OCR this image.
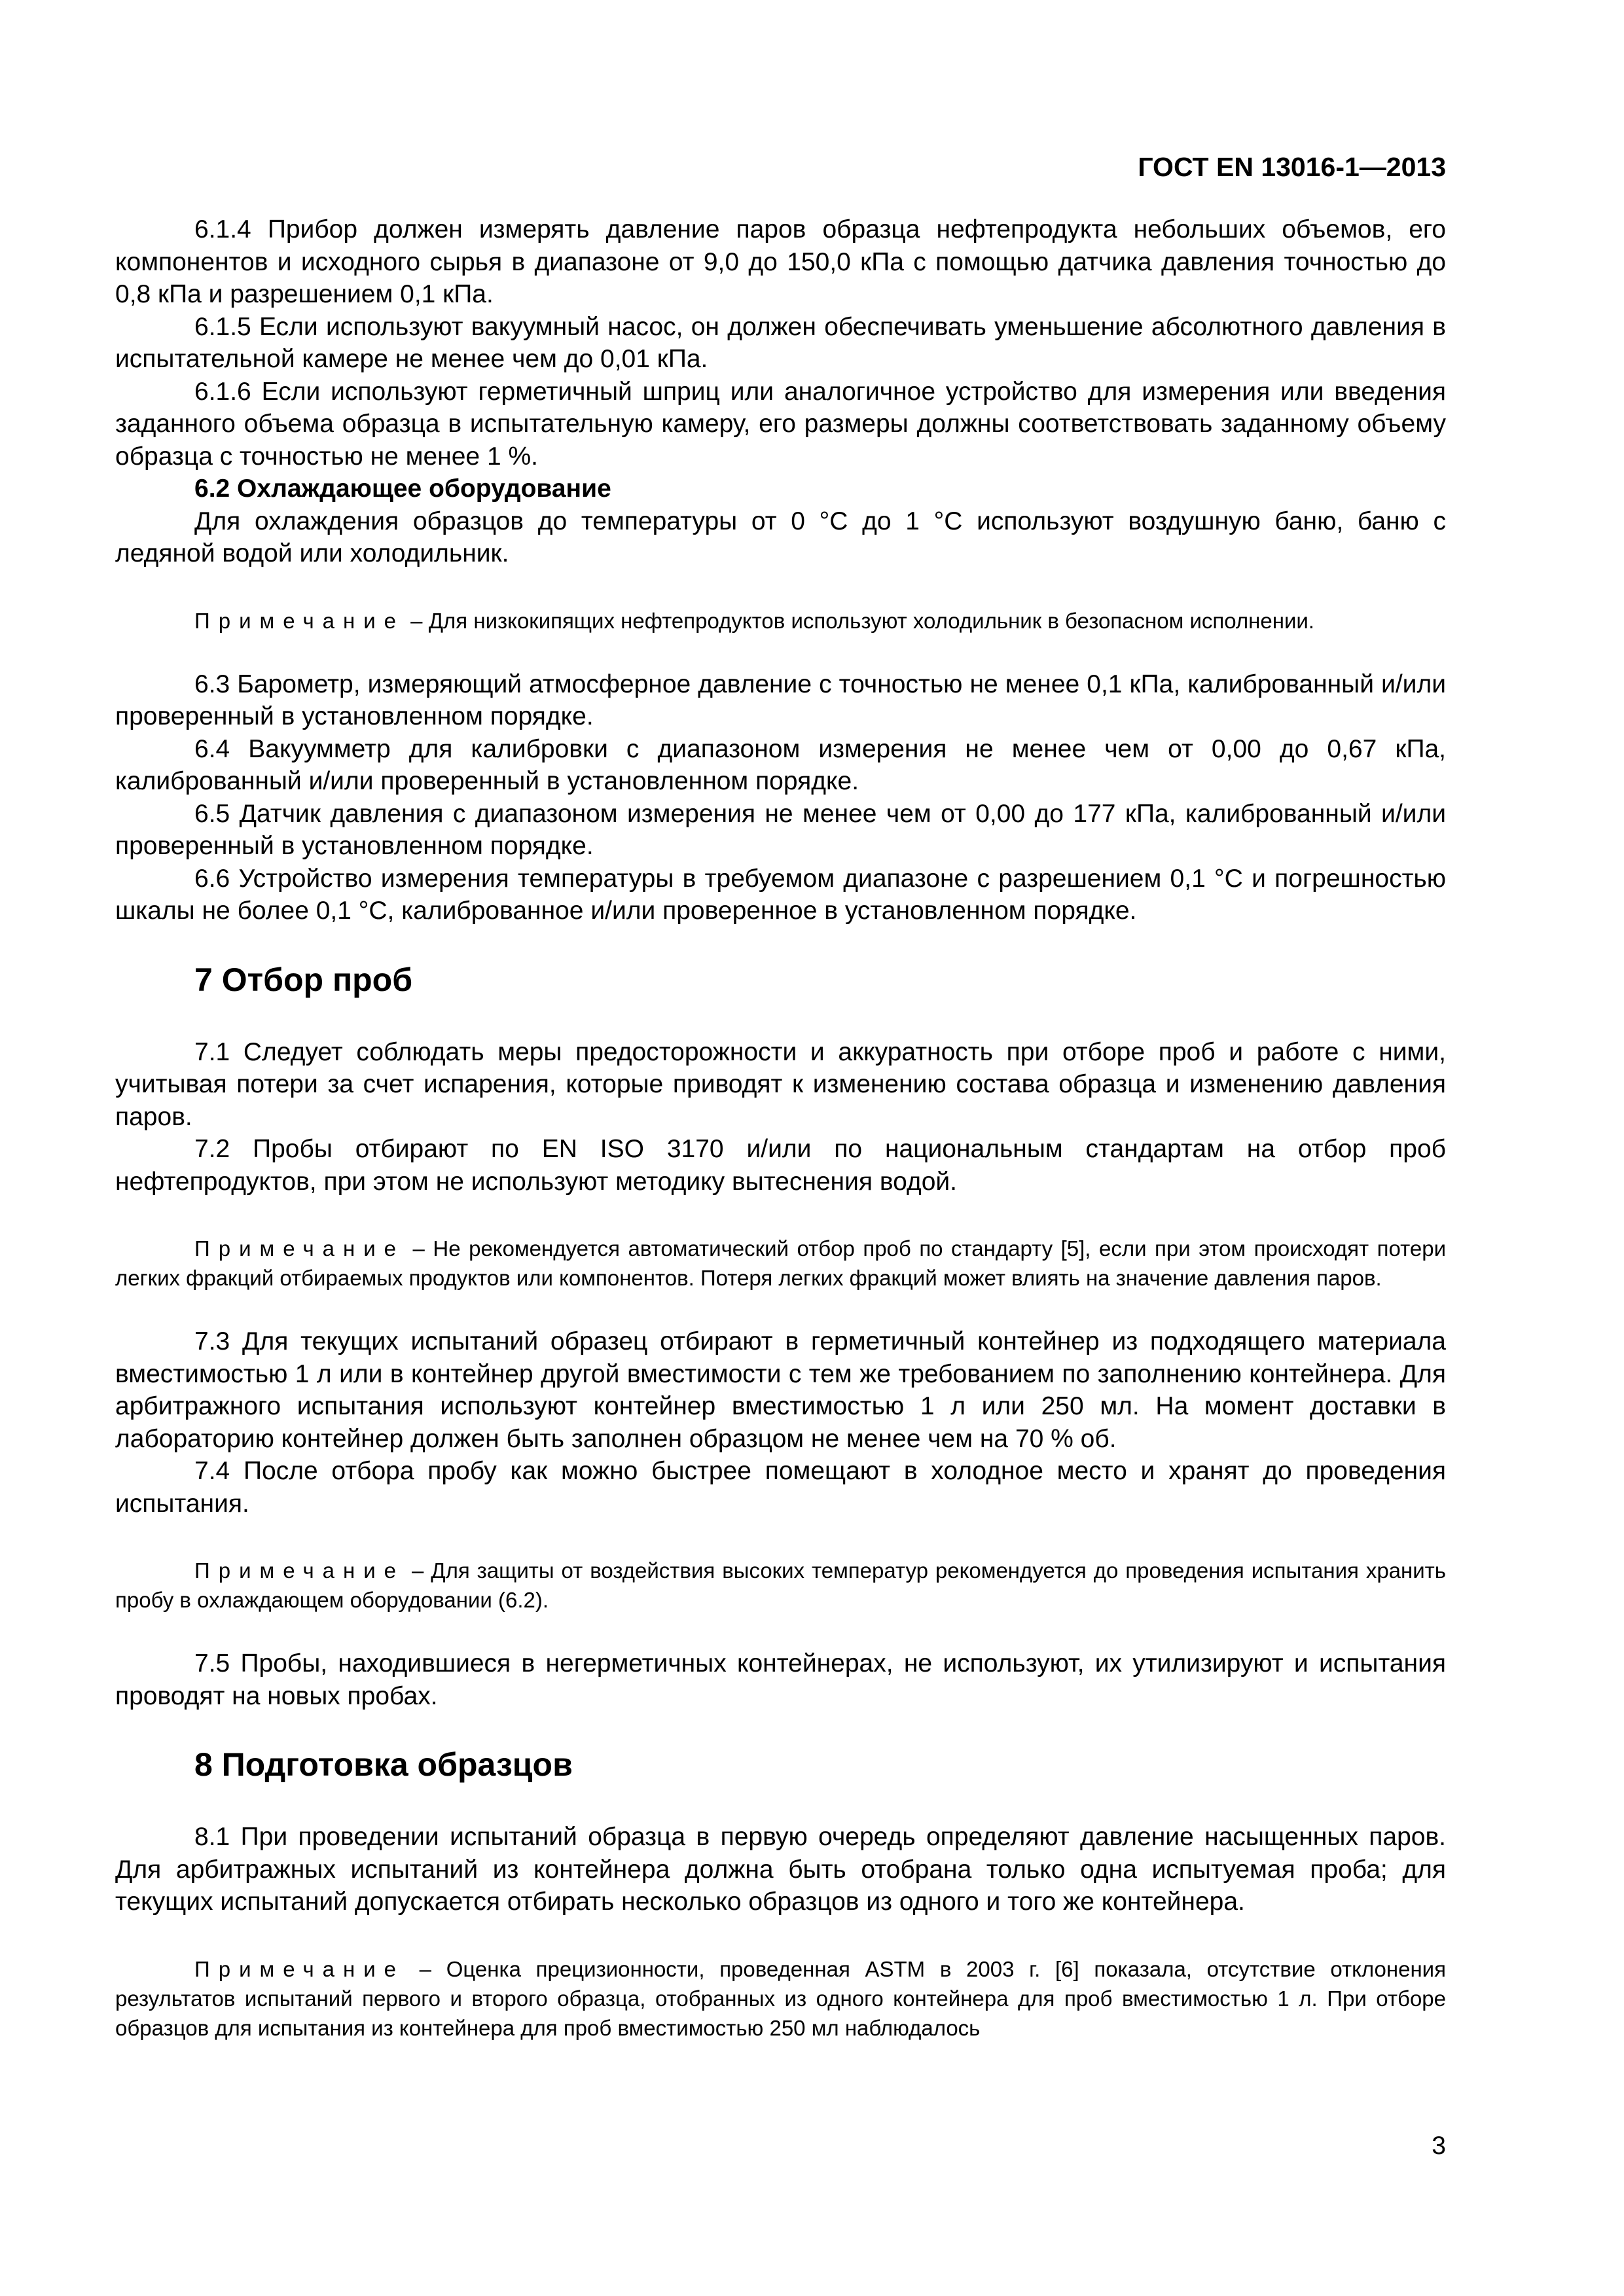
ГОСТ EN 13016-1—2013

6.1.4 Прибор должен измерять давление паров образца нефтепродукта небольших объемов, его компонентов и исходного сырья в диапазоне от 9,0 до 150,0 кПа с помощью датчика давления точностью до 0,8 кПа и разрешением 0,1 кПа.

6.1.5 Если используют вакуумный насос, он должен обеспечивать уменьшение абсолютного давления в испытательной камере не менее чем до 0,01 кПа.

6.1.6 Если используют герметичный шприц или аналогичное устройство для измерения или введения заданного объема образца в испытательную камеру, его размеры должны соответствовать заданному объему образца с точностью не менее 1 %.

6.2 Охлаждающее оборудование

Для охлаждения образцов до температуры от 0 °С до 1 °С используют воздушную баню, баню с ледяной водой или холодильник.

Примечание – Для низкокипящих нефтепродуктов используют холодильник в безопасном исполнении.

6.3 Барометр, измеряющий атмосферное давление с точностью не менее 0,1 кПа, калиброванный и/или проверенный в установленном порядке.

6.4 Вакуумметр для калибровки с диапазоном измерения не менее чем от 0,00 до 0,67 кПа, калиброванный и/или проверенный в установленном порядке.

6.5 Датчик давления с диапазоном измерения не менее чем от 0,00 до 177 кПа, калиброванный и/или проверенный в установленном порядке.

6.6 Устройство измерения температуры в требуемом диапазоне с разрешением 0,1 °С и погрешностью шкалы не более 0,1 °С, калиброванное и/или проверенное в установленном порядке.

7 Отбор проб

7.1 Следует соблюдать меры предосторожности и аккуратность при отборе проб и работе с ними, учитывая потери за счет испарения, которые приводят к изменению состава образца и изменению давления паров.

7.2 Пробы отбирают по EN ISO 3170 и/или по национальным стандартам на отбор проб нефтепродуктов, при этом не используют методику вытеснения водой.

Примечание – Не рекомендуется автоматический отбор проб по стандарту [5], если при этом происходят потери легких фракций отбираемых продуктов или компонентов. Потеря легких фракций может влиять на значение давления паров.

7.3 Для текущих испытаний образец отбирают в герметичный контейнер из подходящего материала вместимостью 1 л или в контейнер другой вместимости с тем же требованием по заполнению контейнера. Для арбитражного испытания используют контейнер вместимостью 1 л или 250 мл. На момент доставки в лабораторию контейнер должен быть заполнен образцом не менее чем на 70 % об.

7.4 После отбора пробу как можно быстрее помещают в холодное место и хранят до проведения испытания.

Примечание – Для защиты от воздействия высоких температур рекомендуется до проведения испытания хранить пробу в охлаждающем оборудовании (6.2).

7.5 Пробы, находившиеся в негерметичных контейнерах, не используют, их утилизируют и испытания проводят на новых пробах.

8 Подготовка образцов

8.1 При проведении испытаний образца в первую очередь определяют давление насыщенных паров. Для арбитражных испытаний из контейнера должна быть отобрана только одна испытуемая проба; для текущих испытаний допускается отбирать несколько образцов из одного и того же контейнера.

Примечание – Оценка прецизионности, проведенная ASTM в 2003 г. [6] показала, отсутствие отклонения результатов испытаний первого и второго образца, отобранных из одного контейнера для проб вместимостью 1 л. При отборе образцов для испытания из контейнера для проб вместимостью 250 мл наблюдалось

3
